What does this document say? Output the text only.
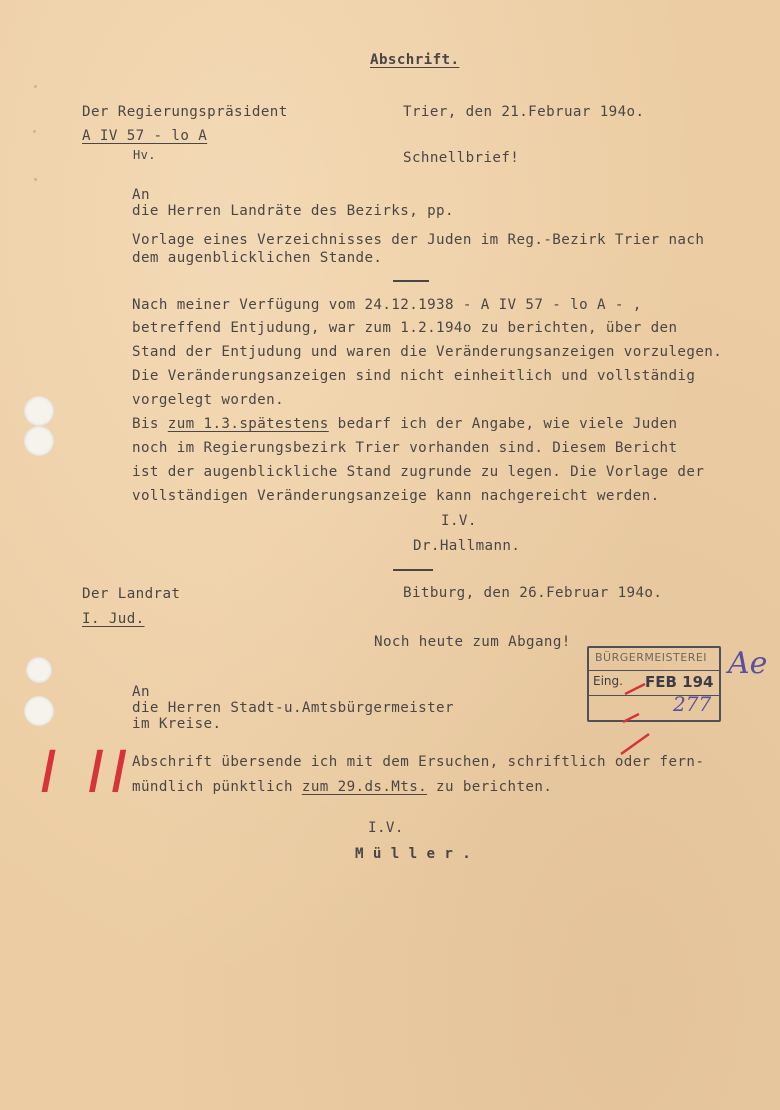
Abschrift.
Der Regierungspräsident	Trier, den 21.Februar 194o.
A IV 57 - lo A
Hv.	Schnellbrief!
An
die Herren Landräte des Bezirks, pp.
Vorlage eines Verzeichnisses der Juden im Reg.-Bezirk Trier nach
dem augenblicklichen Stande.
Nach meiner Verfügung vom 24.12.1938 - A IV 57 - lo A - ,
betreffend Entjudung, war zum 1.2.194o zu berichten, über den
Stand der Entjudung und waren die Veränderungsanzeigen vorzulegen.
Die Veränderungsanzeigen sind nicht einheitlich und vollständig
vorgelegt worden.
Bis zum 1.3.spätestens bedarf ich der Angabe, wie viele Juden
noch im Regierungsbezirk Trier vorhanden sind. Diesem Bericht
ist der augenblickliche Stand zugrunde zu legen. Die Vorlage der
vollständigen Veränderungsanzeige kann nachgereicht werden.
I.V.
Dr.Hallmann.
Der Landrat	Bitburg, den 26.Februar 194o.
I. Jud.
Noch heute zum Abgang!
An
die Herren Stadt-u.Amtsbürgermeister
im Kreise.
Abschrift übersende ich mit dem Ersuchen, schriftlich oder fern-
mündlich pünktlich zum 29.ds.Mts. zu berichten.
I.V.
M ü l l e r .
BÜRGERMEISTEREI
Eing. FEB 194
277
Ae
I II
